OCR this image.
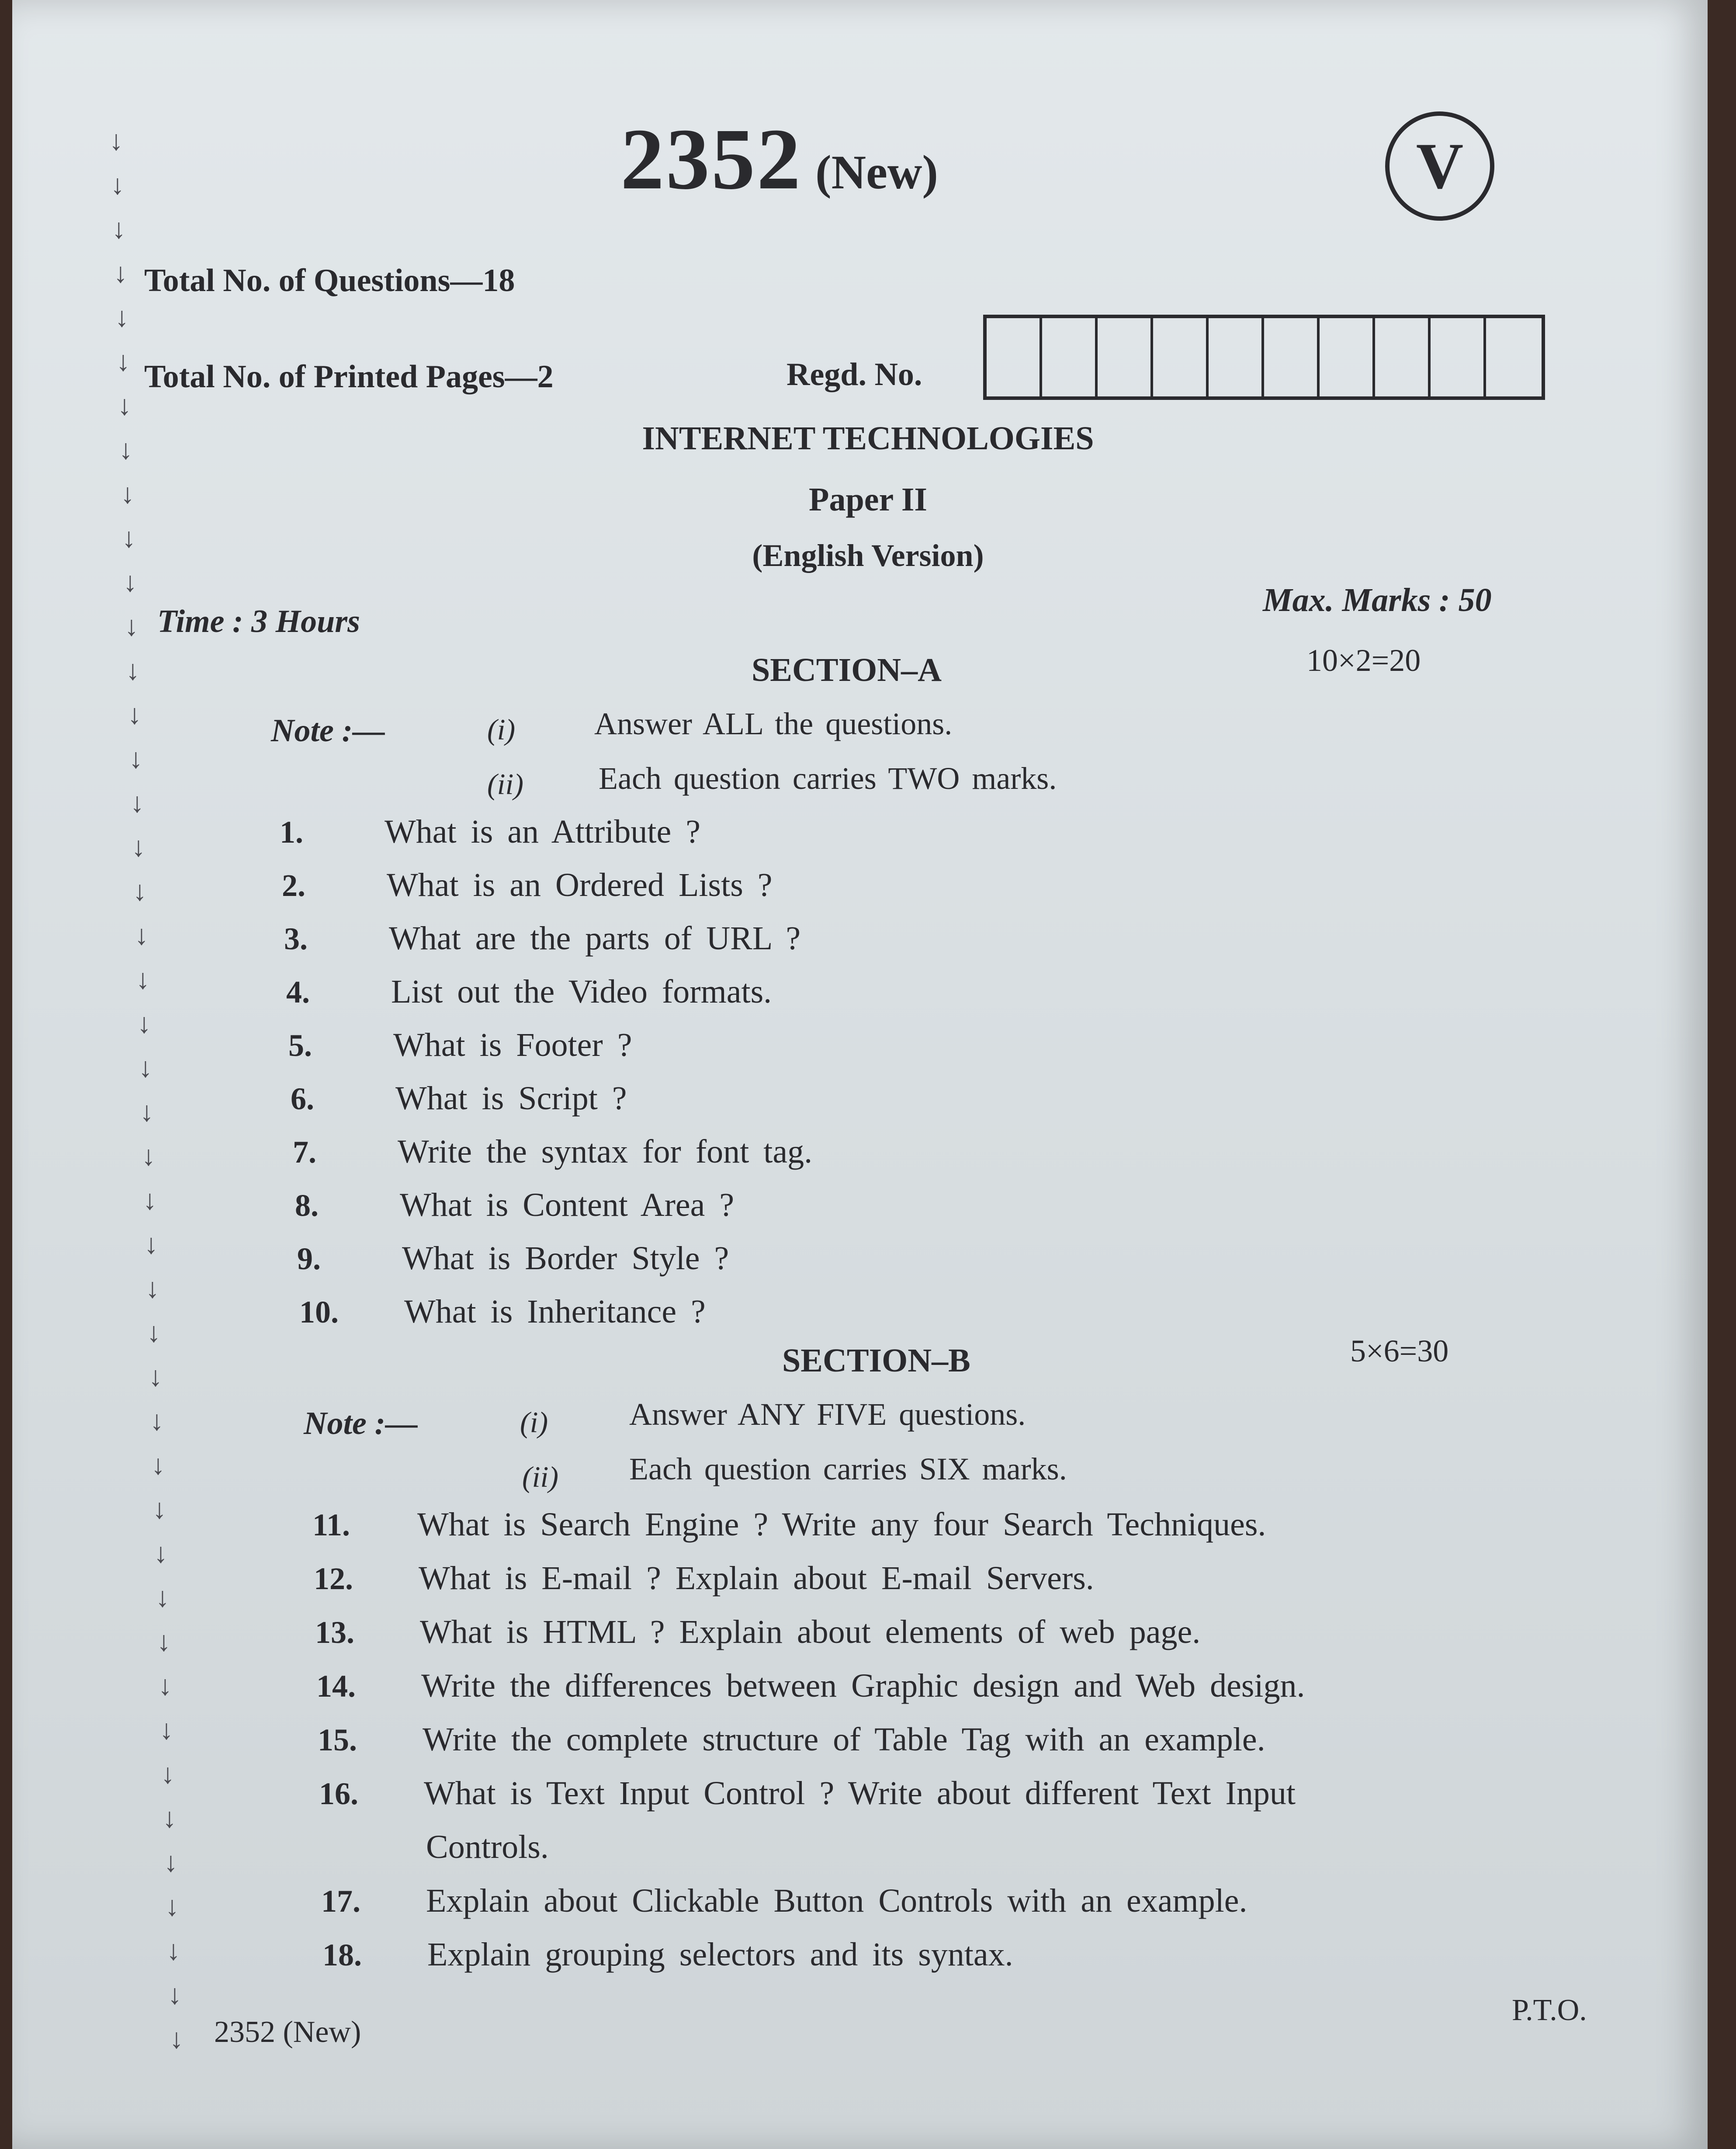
↓
↓
↓
↓
↓
↓
↓
↓
↓
↓
↓
↓
↓
↓
↓
↓
↓
↓
↓
↓
↓
↓
↓
↓
↓
↓
↓
↓
↓
↓
↓
↓
↓
↓
↓
↓
↓
↓
↓
↓
↓
↓
↓
↓
2352 (New)	V
Total No. of Questions—18
Total No. of Printed Pages—2	Regd. No.
INTERNET TECHNOLOGIES
Paper II
(English Version)
Time : 3 Hours
Max. Marks : 50
SECTION–A	10×2=20
Note :—	(i)	Answer ALL the questions.
(ii) Each question carries TWO marks.
1.	What is an Attribute ?
2.	What is an Ordered Lists ?
3.	What are the parts of URL ?
4.	List out the Video formats.
5.	What is Footer ?
6.	What is Script ?
7.	Write the syntax for font tag.
8.	What is Content Area ?
9.	What is Border Style ?
10.	What is Inheritance ?
SECTION–B	5×6=30
Note :—	(i)	Answer ANY FIVE questions.
(ii) Each question carries SIX marks.
11.	What is Search Engine ? Write any four Search Techniques.
12.	What is E-mail ? Explain about E-mail Servers.
13.	What is HTML ? Explain about elements of web page.
14.	Write the differences between Graphic design and Web design.
15.	Write the complete structure of Table Tag with an example.
16.	What is Text Input Control ? Write about different Text Input
Controls.
17.	Explain about Clickable Button Controls with an example.
18.	Explain grouping selectors and its syntax.
2352 (New)
P.T.O.
